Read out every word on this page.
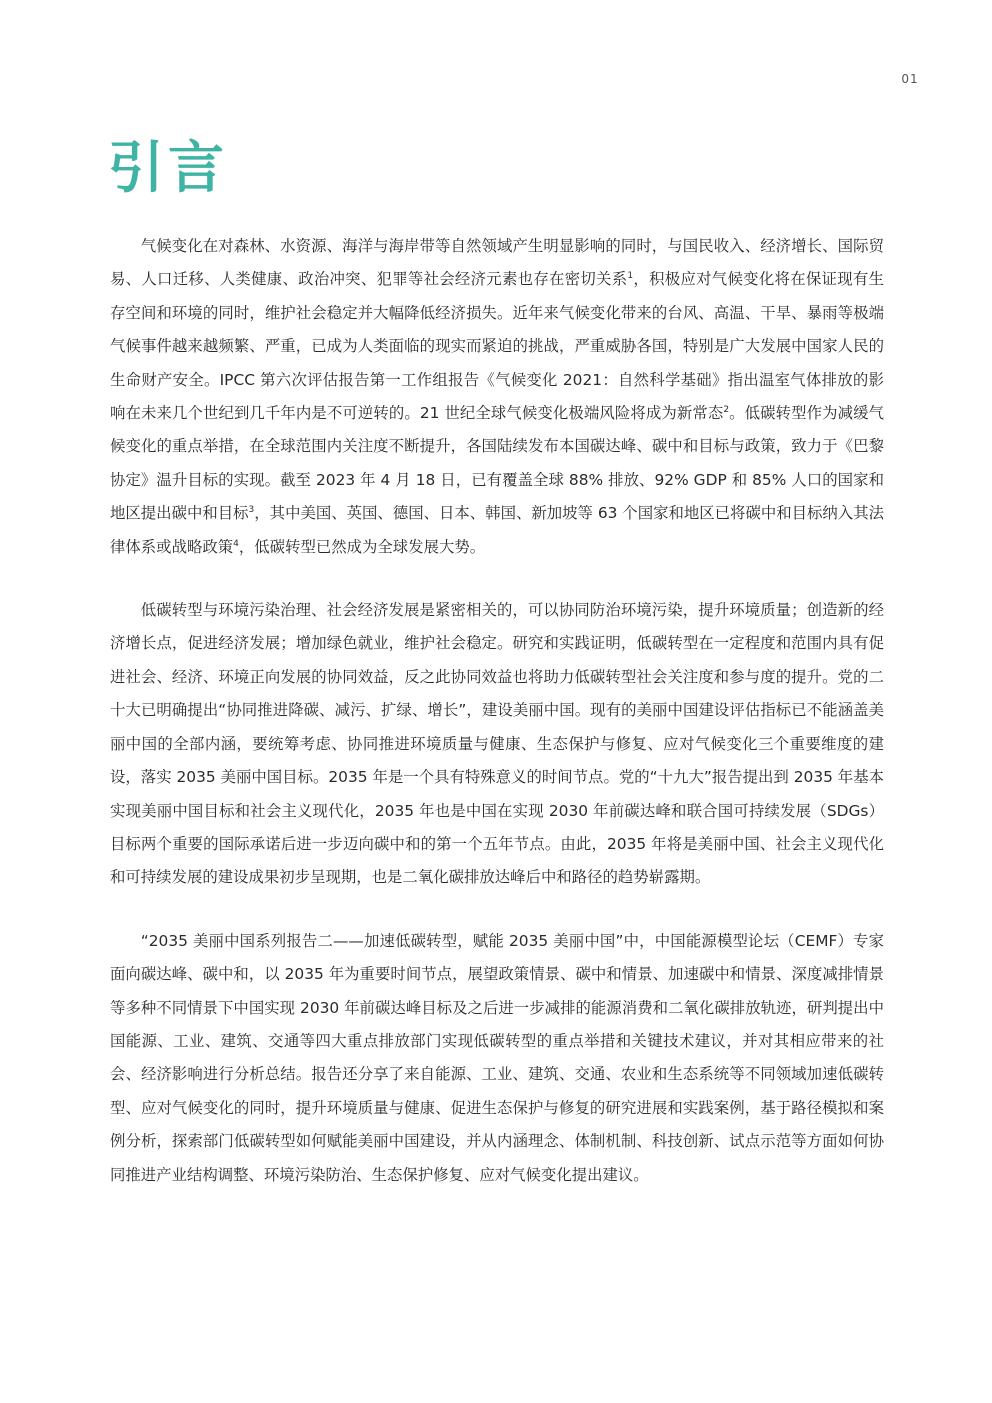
01
引言

气候变化在对森林、水资源、海洋与海岸带等自然领域产生明显影响的同时，与国民收入、经济增长、国际贸易、人口迁移、人类健康、政治冲突、犯罪等社会经济元素也存在密切关系$^1$，积极应对气候变化将在保证现有生存空间和环境的同时，维护社会稳定并大幅降低经济损失。近年来气候变化带来的台风、高温、干旱、暴雨等极端气候事件越来越频繁、严重，已成为人类面临的现实而紧迫的挑战，严重威胁各国，特别是广大发展中国家人民的生命财产安全。IPCC 第六次评估报告第一工作组报告《气候变化 2021：自然科学基础》指出温室气体排放的影响在未来几个世纪到几千年内是不可逆转的。21 世纪全球气候变化极端风险将成为新常态$^2$。低碳转型作为减缓气候变化的重点举措，在全球范围内关注度不断提升，各国陆续发布本国碳达峰、碳中和目标与政策，致力于《巴黎协定》温升目标的实现。截至 2023 年 4 月 18 日，已有覆盖全球 88% 排放、92% GDP 和 85% 人口的国家和地区提出碳中和目标$^3$，其中美国、英国、德国、日本、韩国、新加坡等 63 个国家和地区已将碳中和目标纳入其法律体系或战略政策$^4$，低碳转型已然成为全球发展大势。

低碳转型与环境污染治理、社会经济发展是紧密相关的，可以协同防治环境污染，提升环境质量；创造新的经济增长点，促进经济发展；增加绿色就业，维护社会稳定。研究和实践证明，低碳转型在一定程度和范围内具有促进社会、经济、环境正向发展的协同效益，反之此协同效益也将助力低碳转型社会关注度和参与度的提升。党的二十大已明确提出“协同推进降碳、减污、扩绿、增长”，建设美丽中国。现有的美丽中国建设评估指标已不能涵盖美丽中国的全部内涵，要统筹考虑、协同推进环境质量与健康、生态保护与修复、应对气候变化三个重要维度的建设，落实 2035 美丽中国目标。2035 年是一个具有特殊意义的时间节点。党的“十九大”报告提出到 2035 年基本实现美丽中国目标和社会主义现代化，2035 年也是中国在实现 2030 年前碳达峰和联合国可持续发展（SDGs）目标两个重要的国际承诺后进一步迈向碳中和的第一个五年节点。由此，2035 年将是美丽中国、社会主义现代化和可持续发展的建设成果初步呈现期，也是二氧化碳排放达峰后中和路径的趋势崭露期。

“2035 美丽中国系列报告二——加速低碳转型，赋能 2035 美丽中国”中，中国能源模型论坛（CEMF）专家面向碳达峰、碳中和，以 2035 年为重要时间节点，展望政策情景、碳中和情景、加速碳中和情景、深度减排情景等多种不同情景下中国实现 2030 年前碳达峰目标及之后进一步减排的能源消费和二氧化碳排放轨迹，研判提出中国能源、工业、建筑、交通等四大重点排放部门实现低碳转型的重点举措和关键技术建议，并对其相应带来的社会、经济影响进行分析总结。报告还分享了来自能源、工业、建筑、交通、农业和生态系统等不同领域加速低碳转型、应对气候变化的同时，提升环境质量与健康、促进生态保护与修复的研究进展和实践案例，基于路径模拟和案例分析，探索部门低碳转型如何赋能美丽中国建设，并从内涵理念、体制机制、科技创新、试点示范等方面如何协同推进产业结构调整、环境污染防治、生态保护修复、应对气候变化提出建议。
